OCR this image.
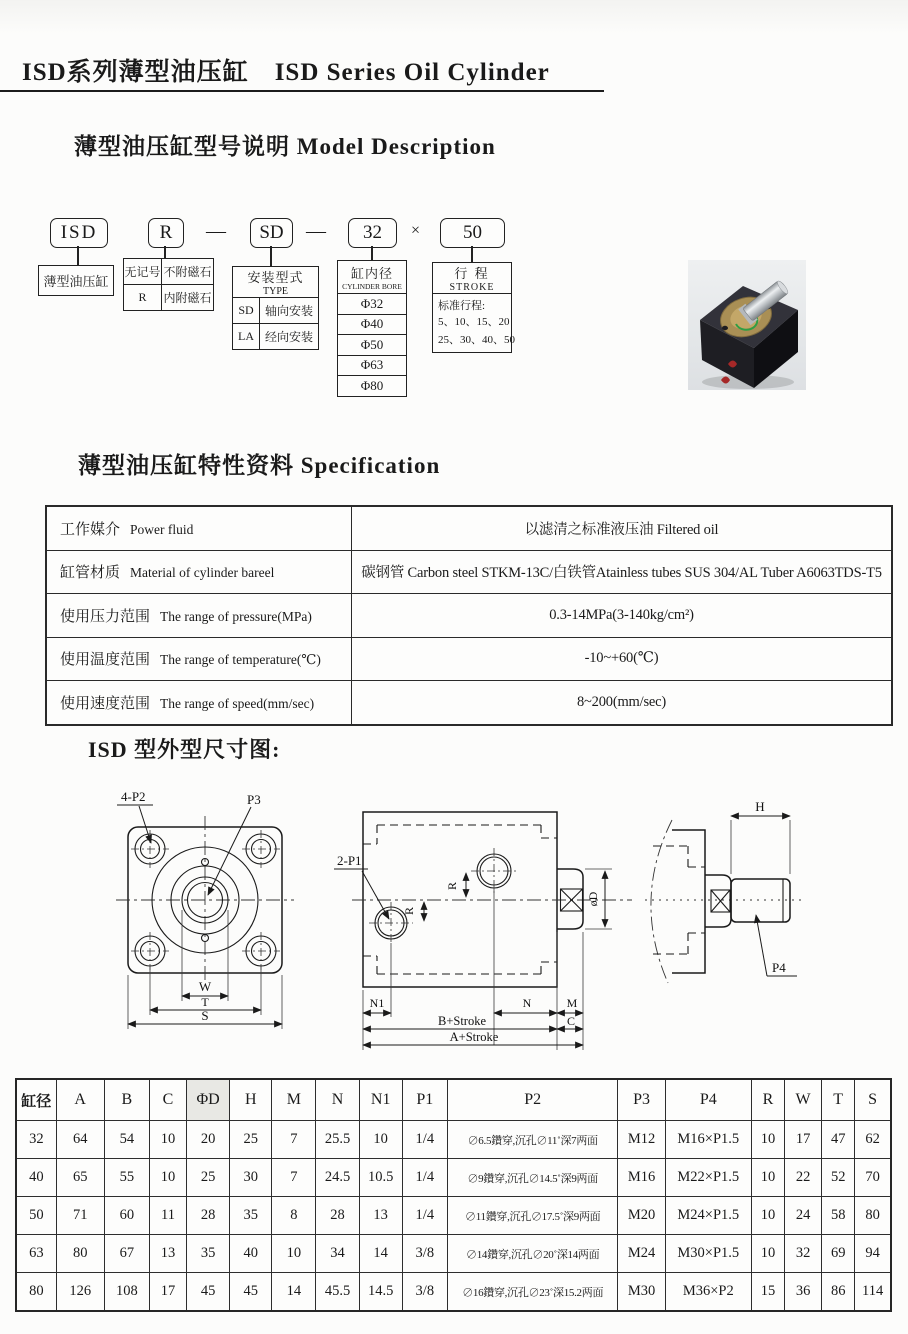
ISD系列薄型油压缸　ISD Series Oil Cylinder
薄型油压缸型号说明 Model Description
ISD	R	—	SD	—	32	×	50
薄型油压缸
无记号 不附磁石
R	内附磁石
安装型式
TYPE
SD 轴向安装
LA 经向安装
缸内径
CYLINDER BORE
Φ32
Φ40
Φ50
Φ63
Φ80
行 程
STROKE
标准行程:
5、10、15、20
25、30、40、50
薄型油压缸特性资料 Specification
工作媒介 Power fluid	以滤清之标准液压油 Filtered oil
缸管材质 Material of cylinder bareel	碳钢管 Carbon steel STKM-13C/白铁管Atainless tubes SUS 304/AL Tuber A6063TDS-T5
使用压力范围 The range of pressure(MPa)	0.3-14MPa(3-140kg/cm²)
使用温度范围 The range of temperature(℃)	-10~+60(℃)
使用速度范围 The range of speed(mm/sec)	8~200(mm/sec)
ISD 型外型尺寸图:
4-P2	P3
W
T
S
2-P1
R
R
øD
N1	N	M
B+Stroke	C
A+Stroke
H
P4
缸径	A	B	C	ΦD	H	M	N	N1	P1	P2	P3	P4	R	W	T	S
32	64	54	10	20	25	7	25.5	10	1/4	∅6.5鑽穿,沉孔∅11˚深7两面	M12	M16×P1.5	10	17	47	62
40	65	55	10	25	30	7	24.5	10.5	1/4	∅9鑽穿,沉孔∅14.5˚深9两面	M16	M22×P1.5	10	22	52	70
50	71	60	11	28	35	8	28	13	1/4	∅11鑽穿,沉孔∅17.5˚深9两面	M20	M24×P1.5	10	24	58	80
63	80	67	13	35	40	10	34	14	3/8	∅14鑽穿,沉孔∅20˚深14两面	M24	M30×P1.5	10	32	69	94
80	126	108	17	45	45	14	45.5	14.5	3/8	∅16鑽穿,沉孔∅23˚深15.2两面	M30	M36×P2	15	36	86	114
